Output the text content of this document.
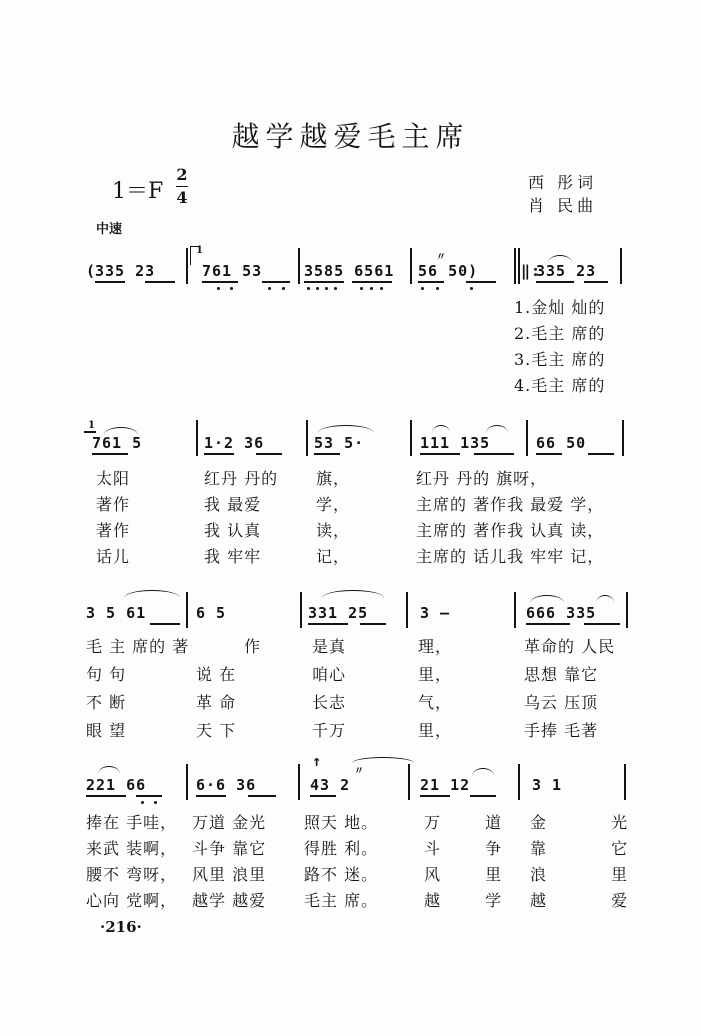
越学越爱毛主席
1＝F
2
4
西 彤词
肖 民曲
中速
(
335 23
1
761 53	3585 6561
〃
56 50)	‖:
335 23
1.金灿 灿的
2.毛主 席的
3.毛主 席的
4.毛主 席的
1
761 5	1·2 36	53 5·	111 135	66 50
太阳	红丹 丹的 旗，	红丹 丹的 旗呀，
著作	我 最爱	学，	主席的 著作我 最爱 学，
著作	我 认真	读，	主席的 著作我 认真 读，
话儿	我 牢牢	记，	主席的 话儿我 牢牢 记，
3 5 61	6 5	331 25	3 —	666 335
毛 主 席的 著	作	是真	理，	革命的 人民
句 句	说 在	咱心	里，	思想 靠它
不 断	革 命	长志	气，	乌云 压顶
眼 望	天 下	千万	里，	手捧 毛著
221 66	6·6 36
↑
〃
43 2	21 12	3 1
捧在 手哇， 万道 金光 照天 地。	万 道 金 光
来武 装啊， 斗争 靠它 得胜 利。	斗 争 靠 它
腰不 弯呀， 风里 浪里 路不 迷。	风 里 浪 里
心向 党啊， 越学 越爱 毛主 席。	越 学 越 爱
·216·
